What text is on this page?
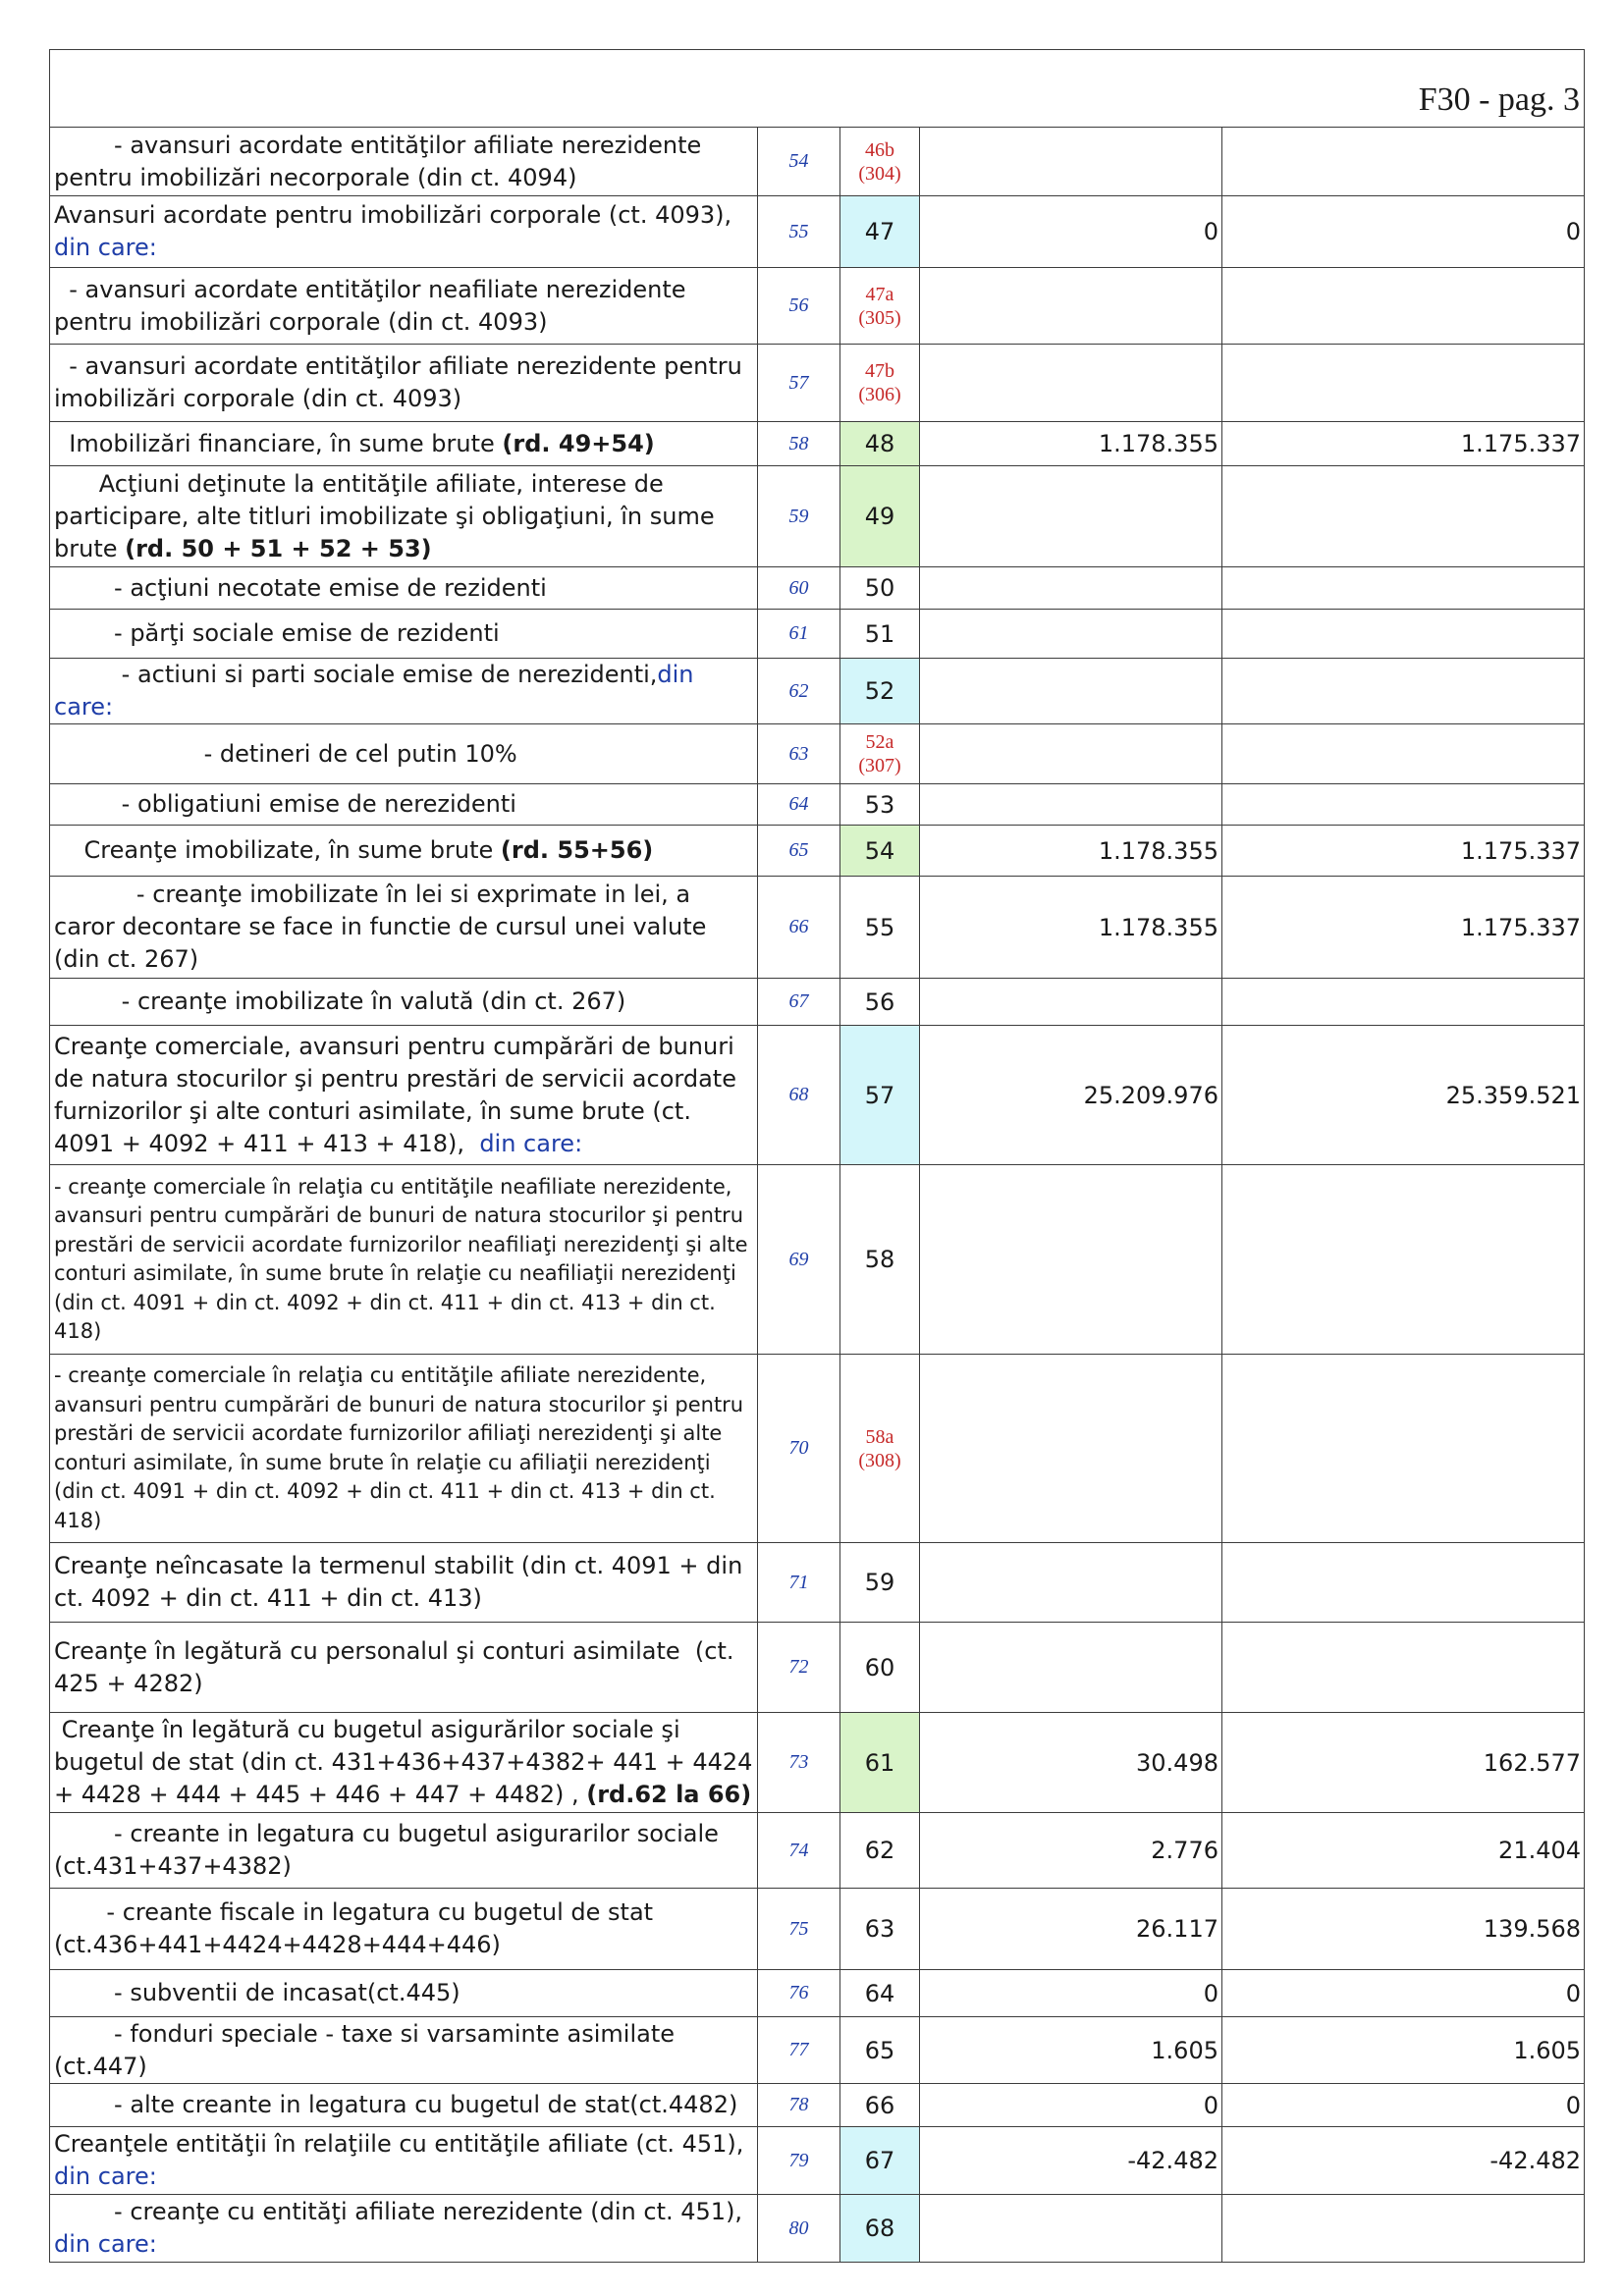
F30 - pag. 3				
- avansuri acordate entităţilor afiliate nerezidente pentru imobilizări necorporale (din ct. 4094)	54	46b
(304)		

Avansuri acordate pentru imobilizări corporale (ct. 4093),  din care:	55	47	0	0
- avansuri acordate entităţilor neafiliate nerezidente pentru imobilizări corporale (din ct. 4093)	56	47a
(305)		

- avansuri acordate entităţilor afiliate nerezidente pentru imobilizări corporale (din ct. 4093)	57	47b
(306)		

Imobilizări financiare, în sume brute (rd. 49+54)	58	48	1.178.355	1.175.337
Acţiuni deţinute la entităţile afiliate, interese de participare, alte titluri imobilizate şi obligaţiuni, în sume brute (rd. 50 + 51 + 52 + 53)	59	49		
- acţiuni necotate emise de rezidenti	60	50		
- părţi sociale emise de rezidenti	61	51		
- actiuni si parti sociale emise de nerezidenti,din care:	62	52		
- detineri de cel putin 10%	63	52a
(307)		

- obligatiuni emise de nerezidenti	64	53		
Creanţe imobilizate, în sume brute (rd. 55+56)	65	54	1.178.355	1.175.337
- creanţe imobilizate în lei si exprimate in lei, a caror decontare se face in functie de cursul unei valute  (din ct. 267)	66	55	1.178.355	1.175.337
- creanţe imobilizate în valută (din ct. 267)	67	56		
Creanţe comerciale, avansuri pentru cumpărări de bunuri de natura stocurilor şi pentru prestări de servicii acordate furnizorilor şi alte conturi asimilate, în sume brute (ct. 4091 + 4092 + 411 + 413 + 418),  din care:	68	57	25.209.976	25.359.521
- creanţe comerciale în relaţia cu entităţile neafiliate nerezidente, avansuri pentru cumpărări de bunuri de natura stocurilor şi pentru prestări de servicii acordate furnizorilor neafiliaţi nerezidenţi şi alte conturi asimilate, în sume brute în relaţie cu neafiliaţii nerezidenţi (din ct. 4091 + din ct. 4092 + din ct. 411 + din ct. 413 + din ct. 418)	69	58		
- creanţe comerciale în relaţia cu entităţile afiliate nerezidente, avansuri pentru cumpărări de bunuri de natura stocurilor şi pentru prestări de servicii acordate furnizorilor afiliaţi nerezidenţi şi alte conturi asimilate, în sume brute în relaţie cu afiliaţii nerezidenţi (din ct. 4091 + din ct. 4092 + din ct. 411 + din ct. 413 + din ct. 418)	70	58a
(308)		

Creanţe neîncasate la termenul stabilit (din ct. 4091 + din ct. 4092 + din ct. 411 + din ct. 413)	71	59		
Creanţe în legătură cu personalul şi conturi asimilate  (ct. 425 + 4282)	72	60		
Creanţe în legătură cu bugetul asigurărilor sociale şi bugetul de stat (din ct. 431+436+437+4382+ 441 + 4424 + 4428 + 444 + 445 + 446 + 447 + 4482) , (rd.62 la 66)	73	61	30.498	162.577
- creante in legatura cu bugetul asigurarilor sociale (ct.431+437+4382)	74	62	2.776	21.404
- creante fiscale in legatura cu bugetul de stat (ct.436+441+4424+4428+444+446)	75	63	26.117	139.568
- subventii de incasat(ct.445)	76	64	0	0
- fonduri speciale - taxe si varsaminte asimilate (ct.447)	77	65	1.605	1.605
- alte creante in legatura cu bugetul de stat(ct.4482)	78	66	0	0
Creanţele entităţii în relaţiile cu entităţile afiliate (ct. 451),  din care:	79	67	-42.482	-42.482
- creanţe cu entităţi afiliate nerezidente (din ct. 451), din care:	80	68		
